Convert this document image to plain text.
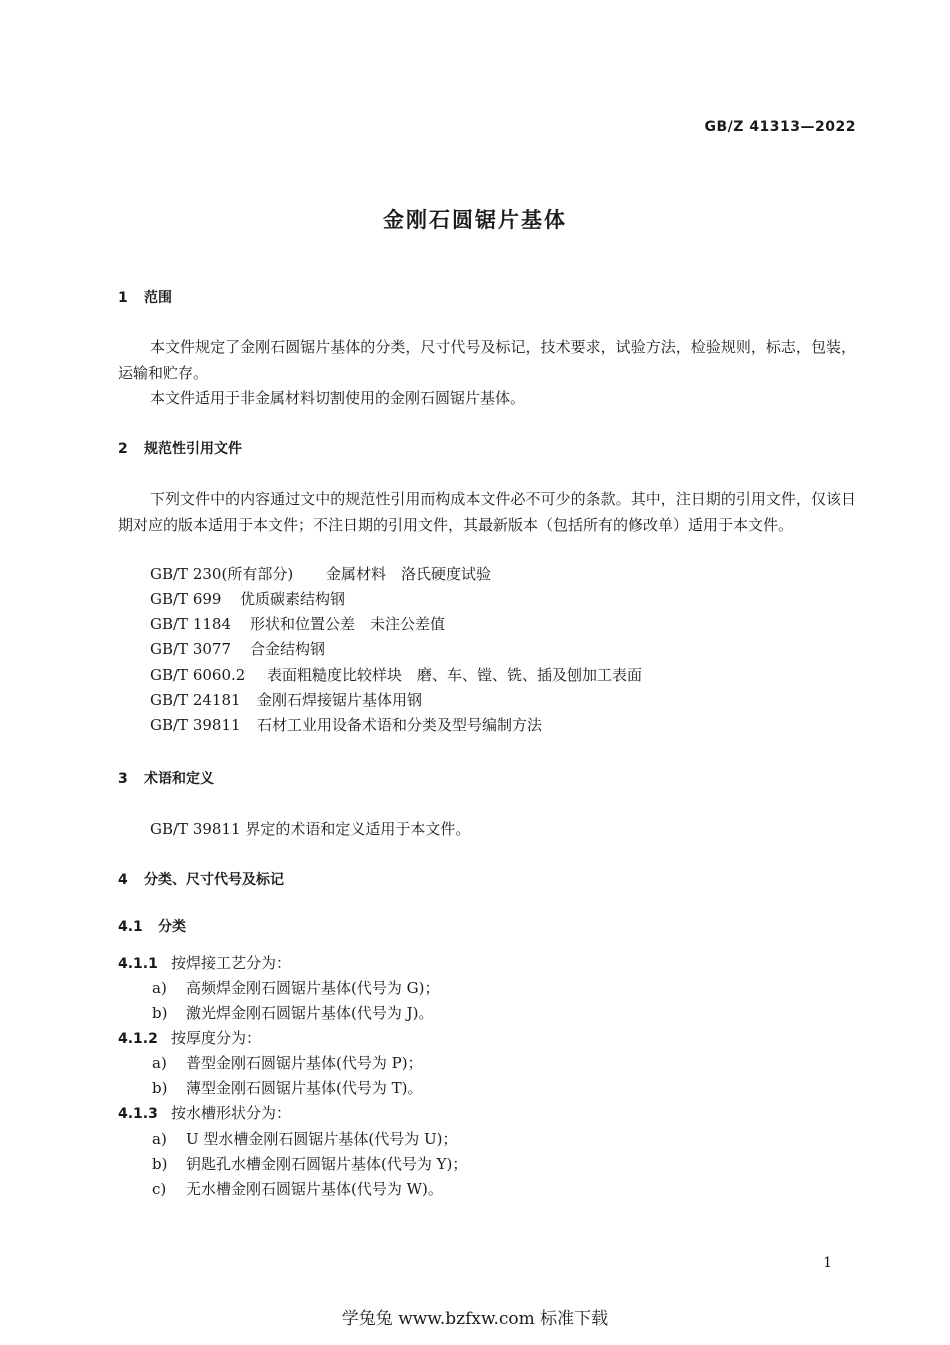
GB/Z 41313—2022
金刚石圆锯片基体
1 范围
本文件规定了金刚石圆锯片基体的分类，尺寸代号及标记，技术要求，试验方法，检验规则，标志，包装，运输和贮存。
本文件适用于非金属材料切割使用的金刚石圆锯片基体。
2 规范性引用文件
下列文件中的内容通过文中的规范性引用而构成本文件必不可少的条款。其中，注日期的引用文件，仅该日期对应的版本适用于本文件；不注日期的引用文件，其最新版本（包括所有的修改单）适用于本文件。
GB/T 230(所有部分) 金属材料　洛氏硬度试验
GB/T 699 优质碳素结构钢
GB/T 1184 形状和位置公差　未注公差值
GB/T 3077 合金结构钢
GB/T 6060.2 表面粗糙度比较样块　磨、车、镗、铣、插及刨加工表面
GB/T 24181 金刚石焊接锯片基体用钢
GB/T 39811 石材工业用设备术语和分类及型号编制方法
3 术语和定义
GB/T 39811 界定的术语和定义适用于本文件。
4 分类、尺寸代号及标记
4.1 分类
4.1.1 按焊接工艺分为：
a) 高频焊金刚石圆锯片基体(代号为 G)；
b) 激光焊金刚石圆锯片基体(代号为 J)。
4.1.2 按厚度分为：
a) 普型金刚石圆锯片基体(代号为 P)；
b) 薄型金刚石圆锯片基体(代号为 T)。
4.1.3 按水槽形状分为：
a) U 型水槽金刚石圆锯片基体(代号为 U)；
b) 钥匙孔水槽金刚石圆锯片基体(代号为 Y)；
c) 无水槽金刚石圆锯片基体(代号为 W)。
1
学兔兔 www.bzfxw.com 标准下载
